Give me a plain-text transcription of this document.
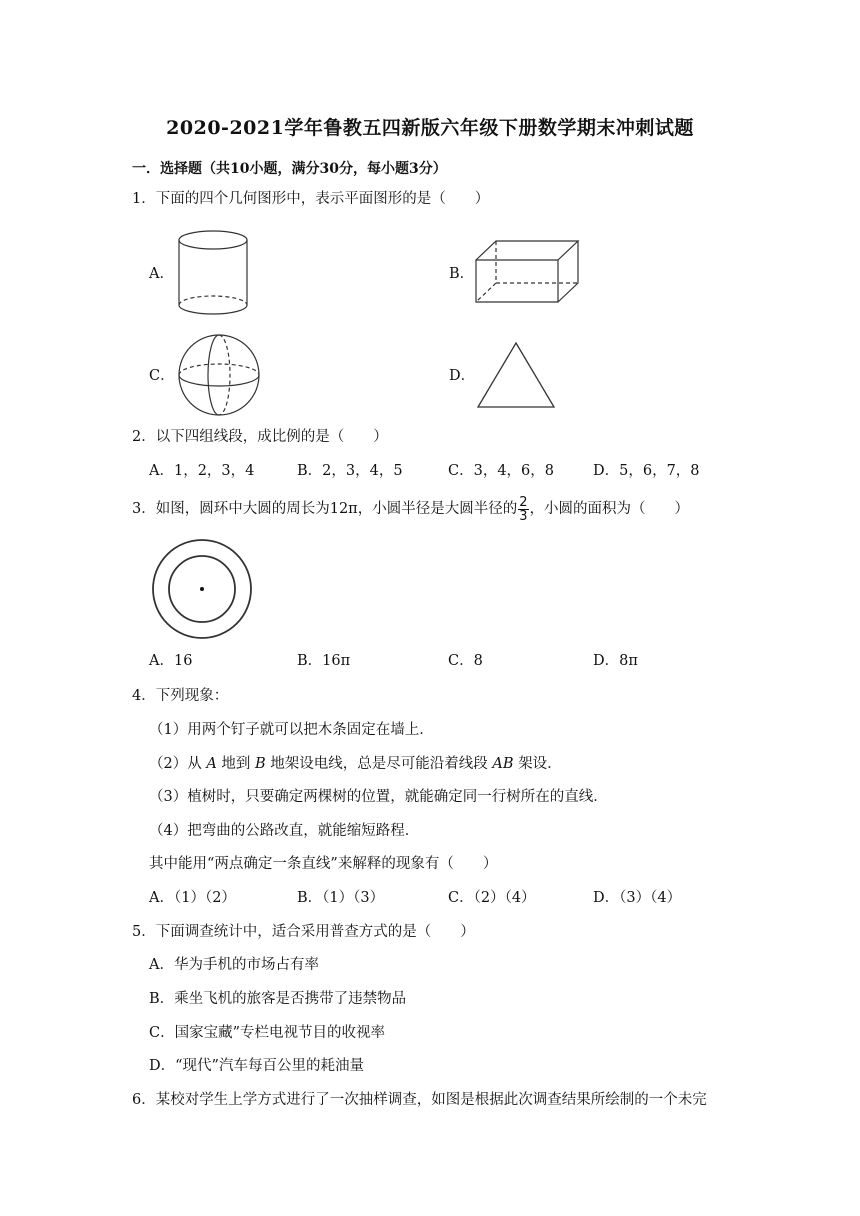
2020-2021学年鲁教五四新版六年级下册数学期末冲刺试题
一．选择题（共10小题，满分30分，每小题3分）
1．下面的四个几何图形中，表示平面图形的是（　　）
A．	B．
C．	D．
2．以下四组线段，成比例的是（　　）
A．1，2，3，4	B．2，3，4，5	C．3，4，6，8	D．5，6，7，8
3．如图，圆环中大圆的周长为12π，小圆半径是大圆半径的 $\frac{2}{3}$ ，小圆的面积为（　　）
A．16	B．16π	C．8	D．8π
4．下列现象：
（1）用两个钉子就可以把木条固定在墙上．
（2）从 A 地到 B 地架设电线，总是尽可能沿着线段 AB 架设．
（3）植树时，只要确定两棵树的位置，就能确定同一行树所在的直线．
（4）把弯曲的公路改直，就能缩短路程．
其中能用“两点确定一条直线”来解释的现象有（　　）
A．（1）（2）	B．（1）（3）	C．（2）（4）	D．（3）（4）
5．下面调查统计中，适合采用普查方式的是（　　）
A．华为手机的市场占有率
B．乘坐飞机的旅客是否携带了违禁物品
C．国家宝藏”专栏电视节目的收视率
D．“现代”汽车每百公里的耗油量
6．某校对学生上学方式进行了一次抽样调查，如图是根据此次调查结果所绘制的一个未完
